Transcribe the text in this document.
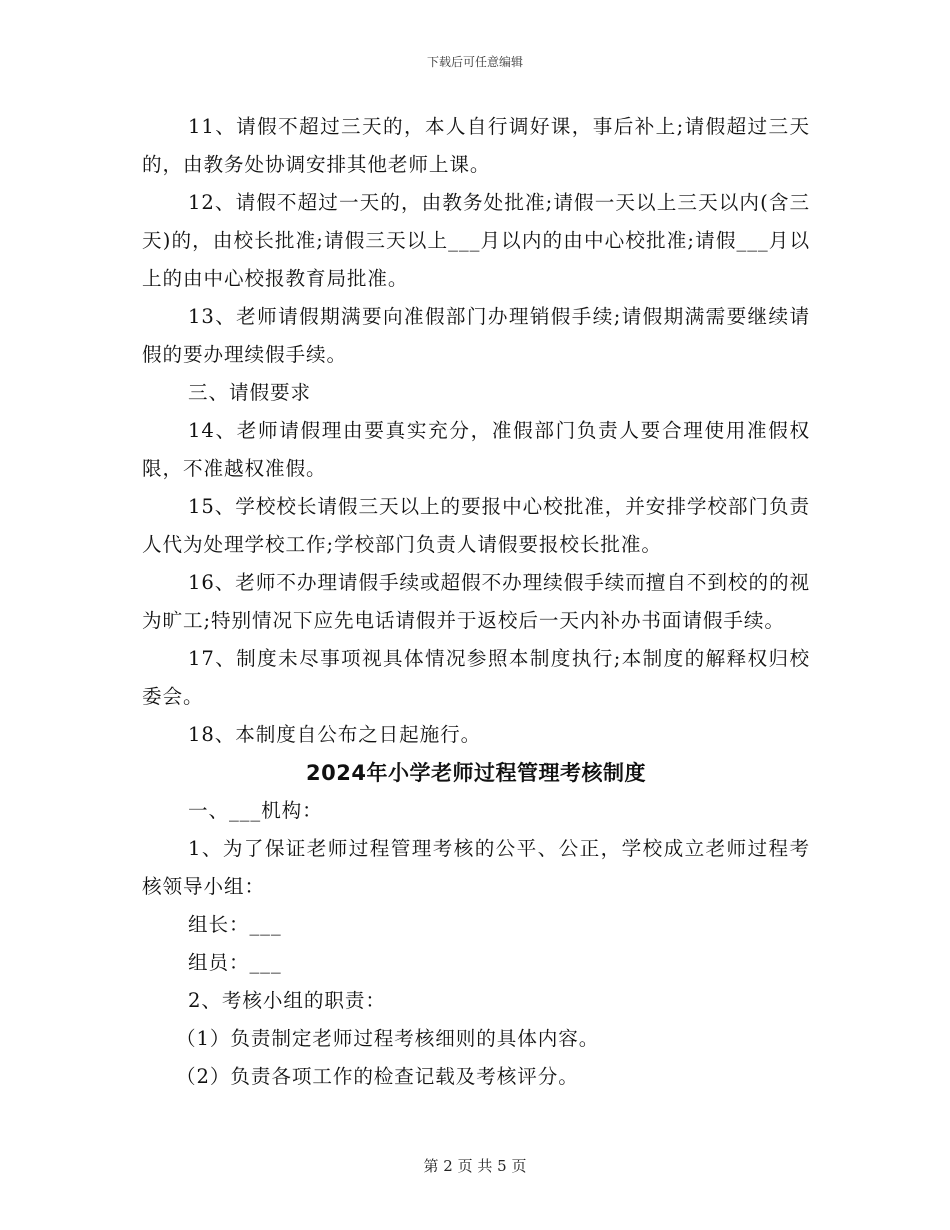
下载后可任意编辑

11、请假不超过三天的，本人自行调好课，事后补上;请假超过三天的，由教务处协调安排其他老师上课。

12、请假不超过一天的，由教务处批准;请假一天以上三天以内(含三天)的，由校长批准;请假三天以上___月以内的由中心校批准;请假___月以上的由中心校报教育局批准。

13、老师请假期满要向准假部门办理销假手续;请假期满需要继续请假的要办理续假手续。

三、请假要求

14、老师请假理由要真实充分，准假部门负责人要合理使用准假权限，不准越权准假。

15、学校校长请假三天以上的要报中心校批准，并安排学校部门负责人代为处理学校工作;学校部门负责人请假要报校长批准。

16、老师不办理请假手续或超假不办理续假手续而擅自不到校的的视为旷工;特别情况下应先电话请假并于返校后一天内补办书面请假手续。

17、制度未尽事项视具体情况参照本制度执行;本制度的解释权归校委会。

18、本制度自公布之日起施行。

2024年小学老师过程管理考核制度

一、___机构：

1、为了保证老师过程管理考核的公平、公正，学校成立老师过程考核领导小组：

组长：___

组员：___

2、考核小组的职责：

（1）负责制定老师过程考核细则的具体内容。

（2）负责各项工作的检查记载及考核评分。

第 2 页 共 5 页
